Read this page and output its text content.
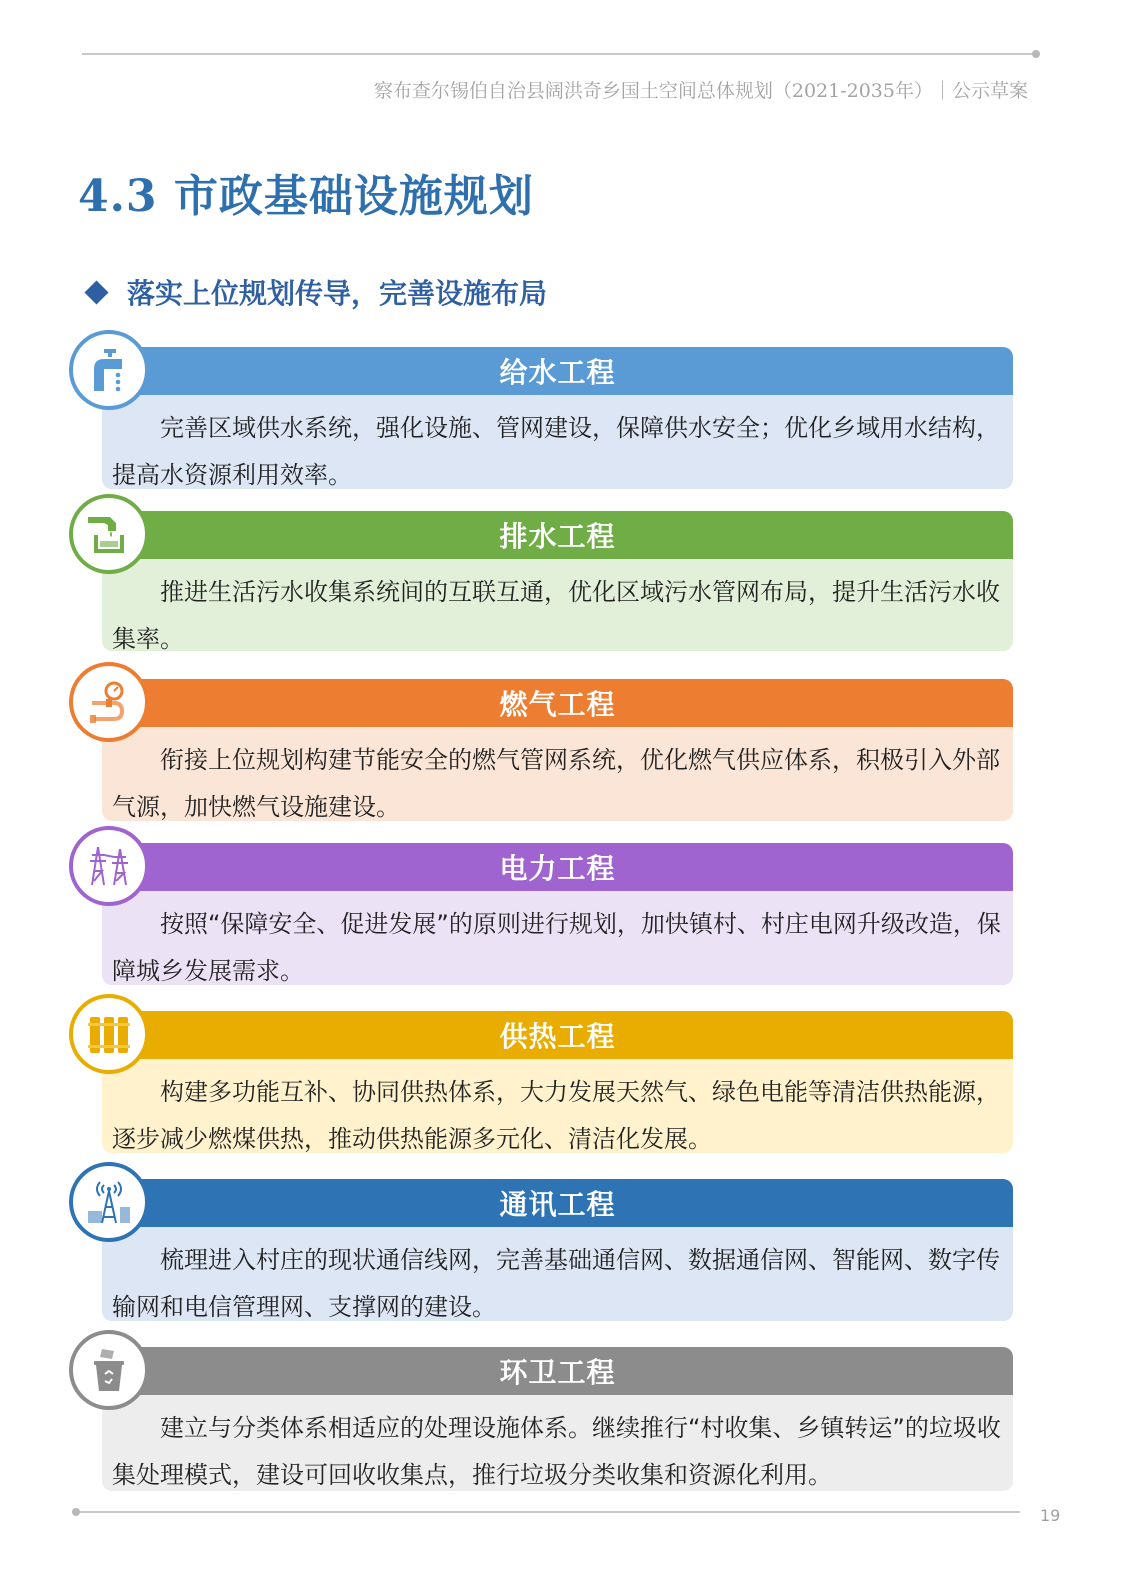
察布查尔锡伯自治县阔洪奇乡国土空间总体规划（2021-2035年）｜公示草案
4.3 市政基础设施规划
落实上位规划传导，完善设施布局
给水工程
完善区域供水系统，强化设施、管网建设，保障供水安全；优化乡域用水结构，提高水资源利用效率。
排水工程
推进生活污水收集系统间的互联互通，优化区域污水管网布局，提升生活污水收集率。
燃气工程
衔接上位规划构建节能安全的燃气管网系统，优化燃气供应体系，积极引入外部气源，加快燃气设施建设。
电力工程
按照“保障安全、促进发展”的原则进行规划，加快镇村、村庄电网升级改造，保障城乡发展需求。
供热工程
构建多功能互补、协同供热体系，大力发展天然气、绿色电能等清洁供热能源，逐步减少燃煤供热，推动供热能源多元化、清洁化发展。
通讯工程
梳理进入村庄的现状通信线网，完善基础通信网、数据通信网、智能网、数字传输网和电信管理网、支撑网的建设。
环卫工程
建立与分类体系相适应的处理设施体系。继续推行“村收集、乡镇转运”的垃圾收集处理模式，建设可回收收集点，推行垃圾分类收集和资源化利用。
19
